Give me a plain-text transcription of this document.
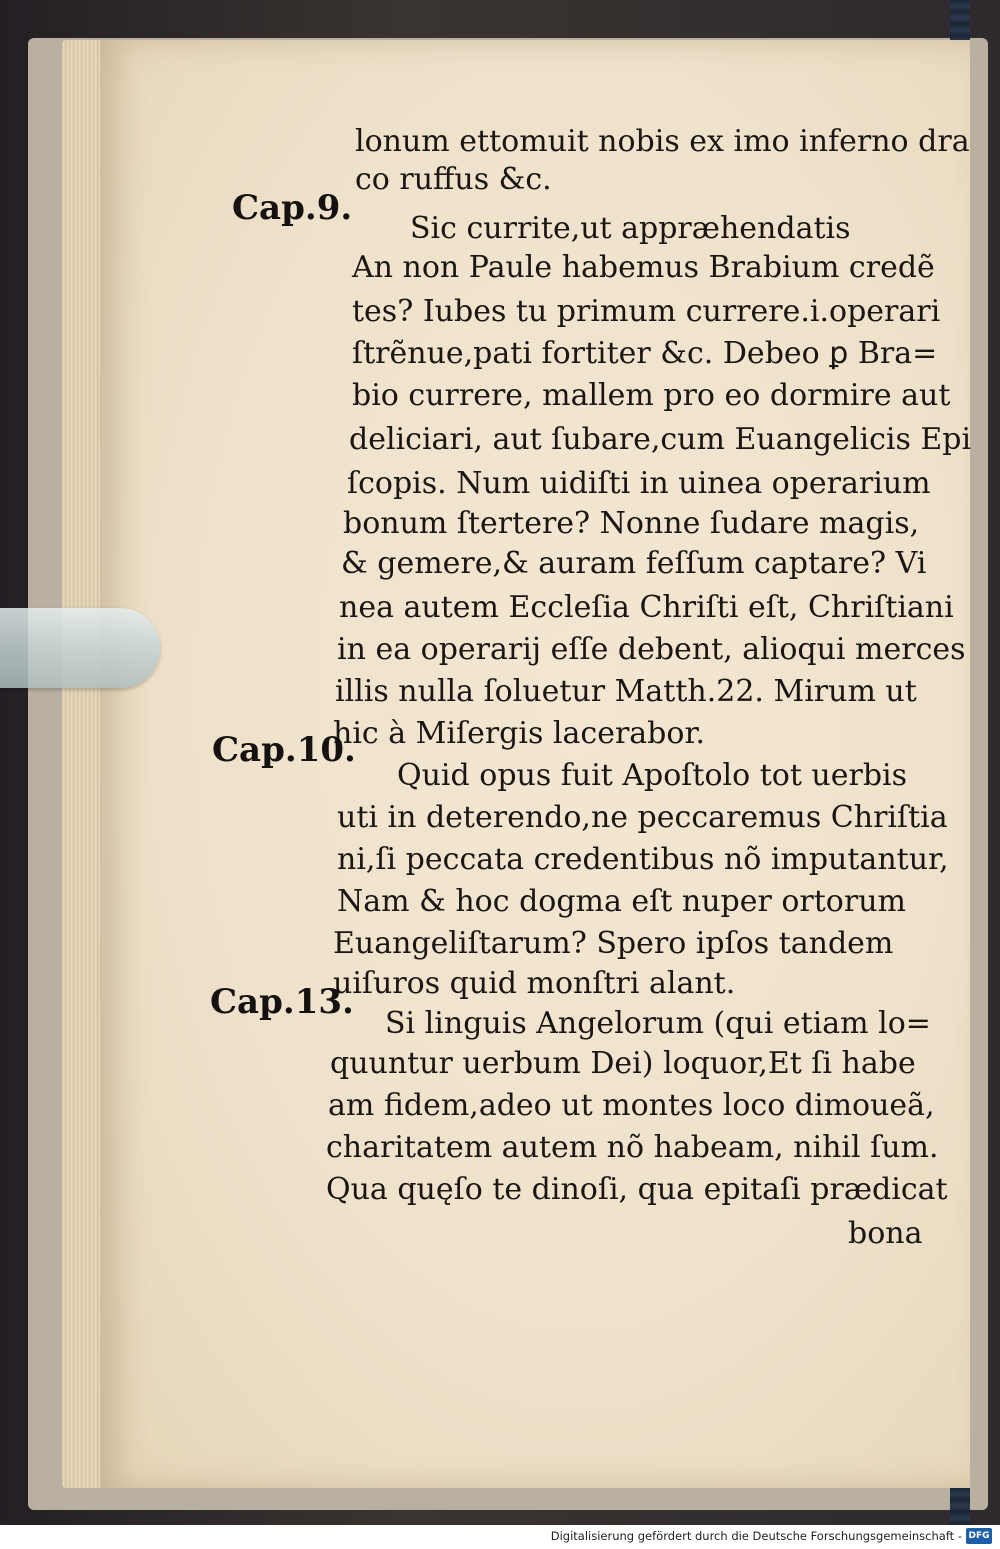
lonum ettomuit nobis ex imo inferno dra
co ruffus &c.
Cap.9.
Sic currite,ut appræhendatis
An non Paule habemus Brabium credẽ
tes? Iubes tu primum currere.i.operari
ſtrẽnue,pati fortiter &c. Debeo ꝑ Bra=
bio currere, mallem pro eo dormire aut
deliciari, aut ſubare,cum Euangelicis Epi
ſcopis. Num uidiſti in uinea operarium
bonum ſtertere? Nonne ſudare magis,
& gemere,& auram feſſum captare? Vi
nea autem Eccleſia Chriſti eſt, Chriſtiani
in ea operarij eſſe debent, alioqui merces
illis nulla ſoluetur Matth.22. Mirum ut
hic à Miſergis lacerabor.
Cap.10.
Quid opus fuit Apoſtolo tot uerbis
uti in deterendo,ne peccaremus Chriſtia
ni,ſi peccata credentibus nõ imputantur,
Nam & hoc dogma eſt nuper ortorum
Euangeliſtarum? Spero ipſos tandem
uiſuros quid monſtri alant.
Cap.13.
Si linguis Angelorum (qui etiam lo=
quuntur uerbum Dei) loquor,Et ſi habe
am fidem,adeo ut montes loco dimoueã,
charitatem autem nõ habeam, nihil ſum.
Qua quęſo te dinoſi, qua epitaſi prædicat
bona
Digitalisierung gefördert durch die Deutsche Forschungsgemeinschaft - DFG
